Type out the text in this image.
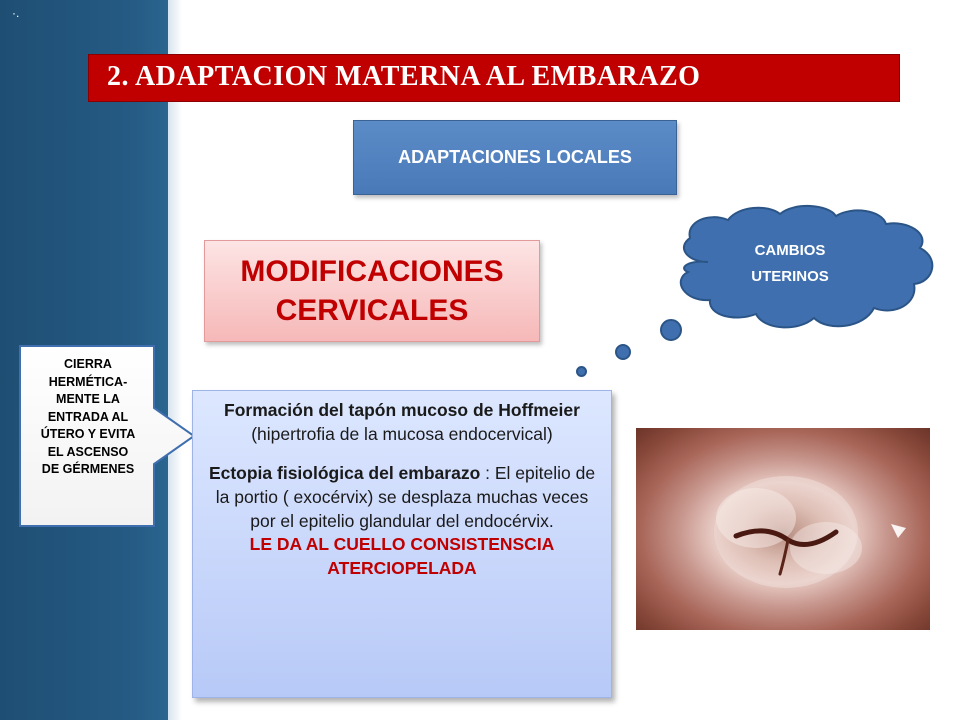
·.
2. ADAPTACION MATERNA AL EMBARAZO
ADAPTACIONES LOCALES
MODIFICACIONES
CERVICALES
CAMBIOS
UTERINOS
CIERRA
HERMÉTICA-
MENTE LA
ENTRADA AL
ÚTERO Y EVITA
EL ASCENSO
DE GÉRMENES

Formación del tapón mucoso de Hoffmeier (hipertrofia de la mucosa endocervical)

Ectopia fisiológica del embarazo : El epitelio de la portio ( exocérvix) se desplaza muchas veces por el epitelio glandular del endocérvix.

LE DA AL CUELLO CONSISTENSCIA ATERCIOPELADA
